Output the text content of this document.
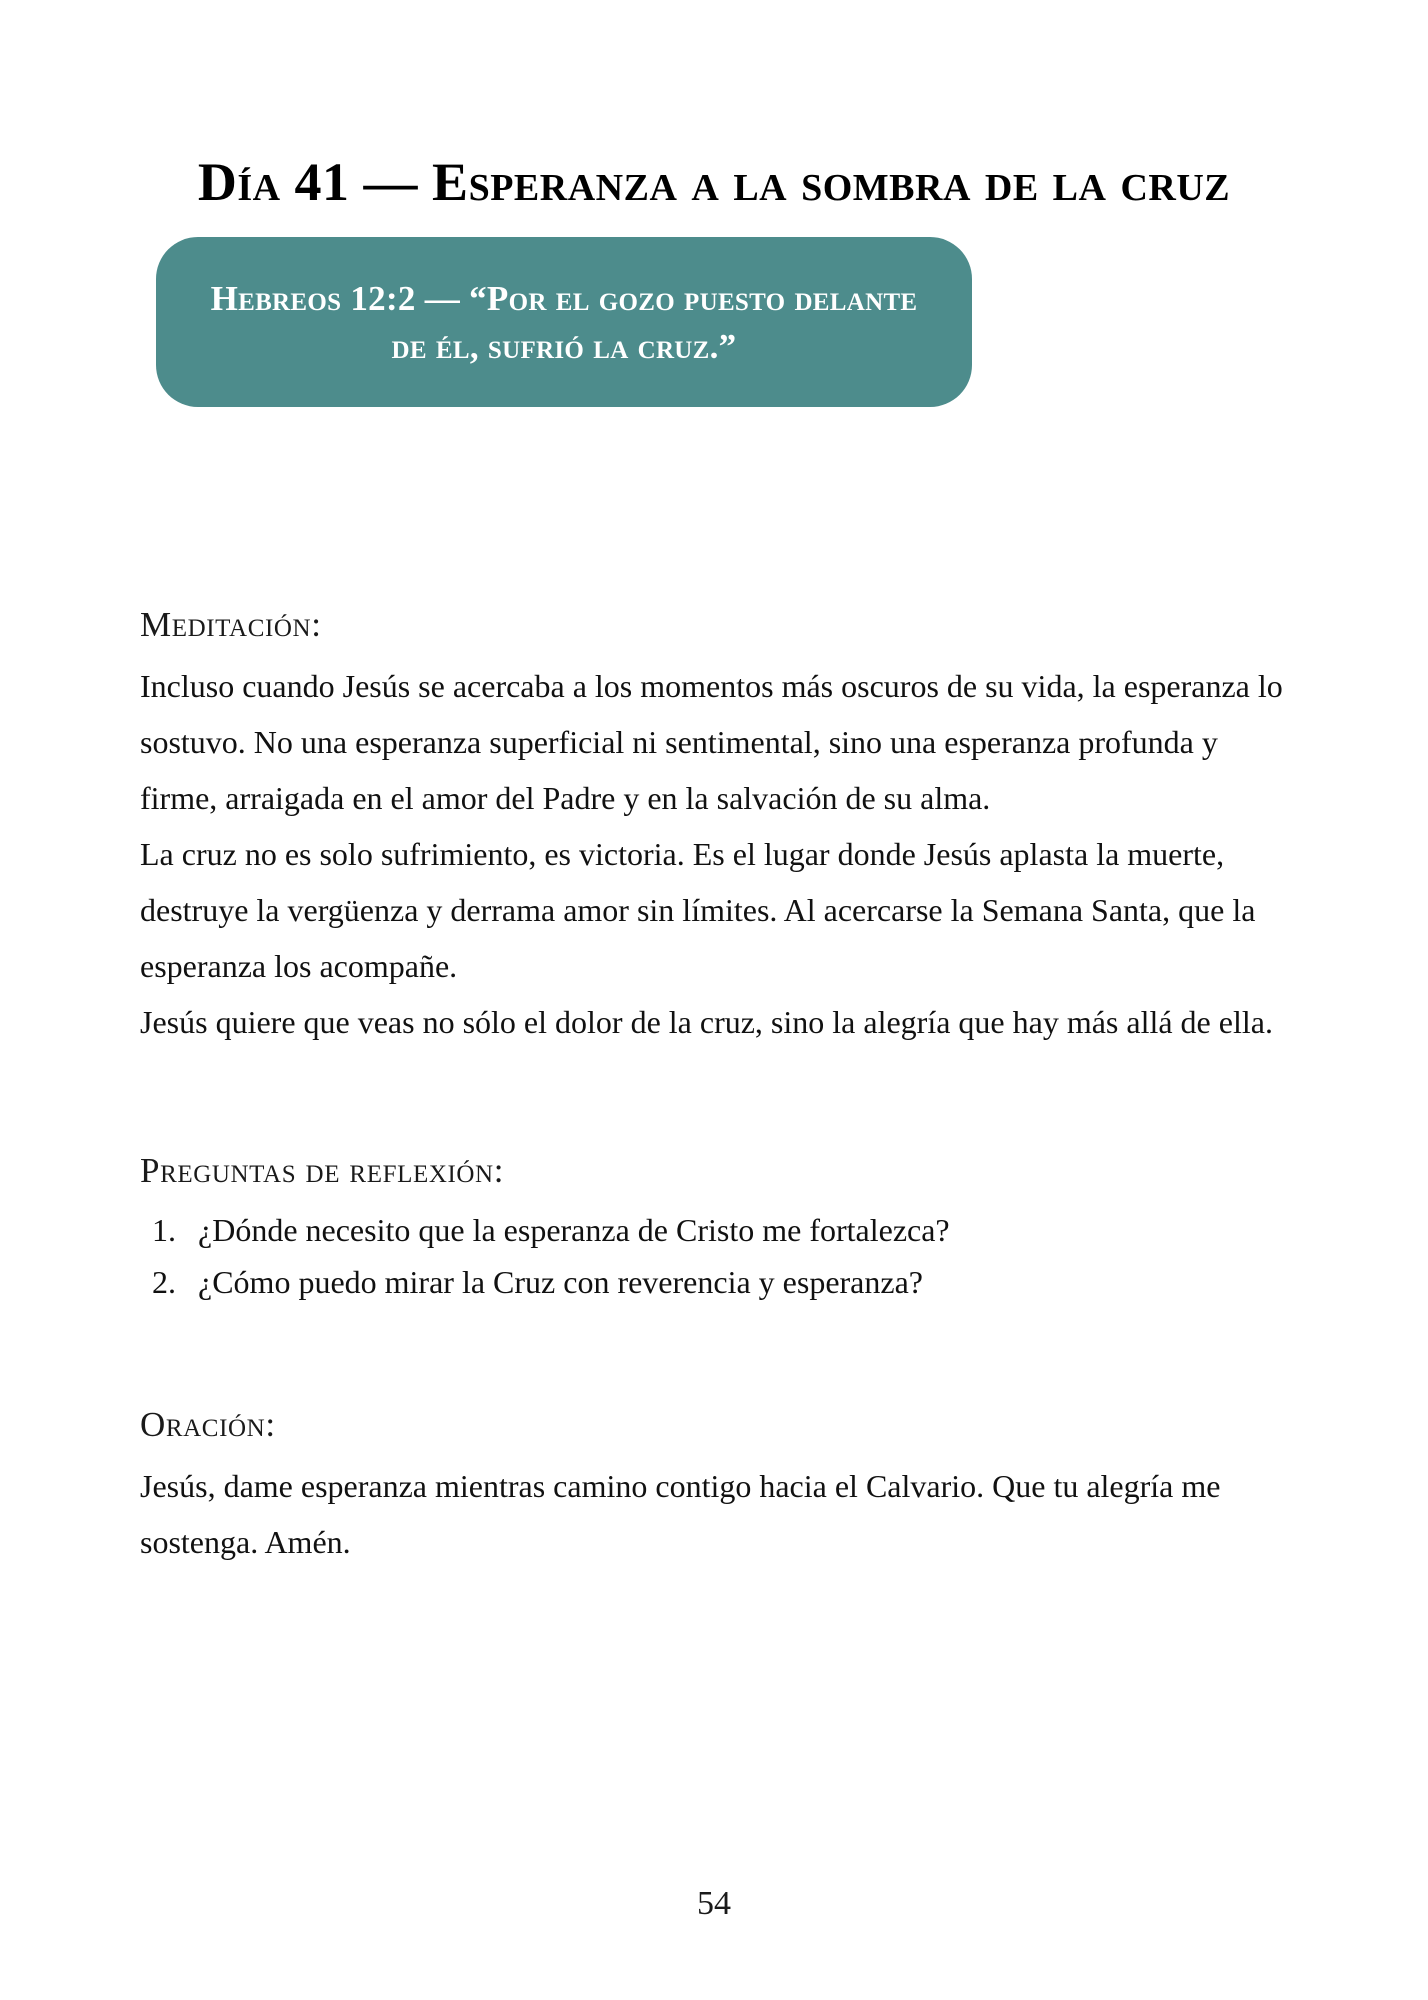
Día 41 — Esperanza a la sombra de la cruz
Hebreos 12:2 — “Por el gozo puesto delante de él, sufrió la cruz.”
Meditación:

Incluso cuando Jesús se acercaba a los momentos más oscuros de su vida, la esperanza lo sostuvo. No una esperanza superficial ni sentimental, sino una esperanza profunda y firme, arraigada en el amor del Padre y en la salvación de su alma.

La cruz no es solo sufrimiento, es victoria. Es el lugar donde Jesús aplasta la muerte, destruye la vergüenza y derrama amor sin límites. Al acercarse la Semana Santa, que la esperanza los acompañe.

Jesús quiere que veas no sólo el dolor de la cruz, sino la alegría que hay más allá de ella.

Preguntas de reflexión:
1. ¿Dónde necesito que la esperanza de Cristo me fortalezca?
2. ¿Cómo puedo mirar la Cruz con reverencia y esperanza?
Oración:

Jesús, dame esperanza mientras camino contigo hacia el Calvario. Que tu alegría me sostenga. Amén.

54
